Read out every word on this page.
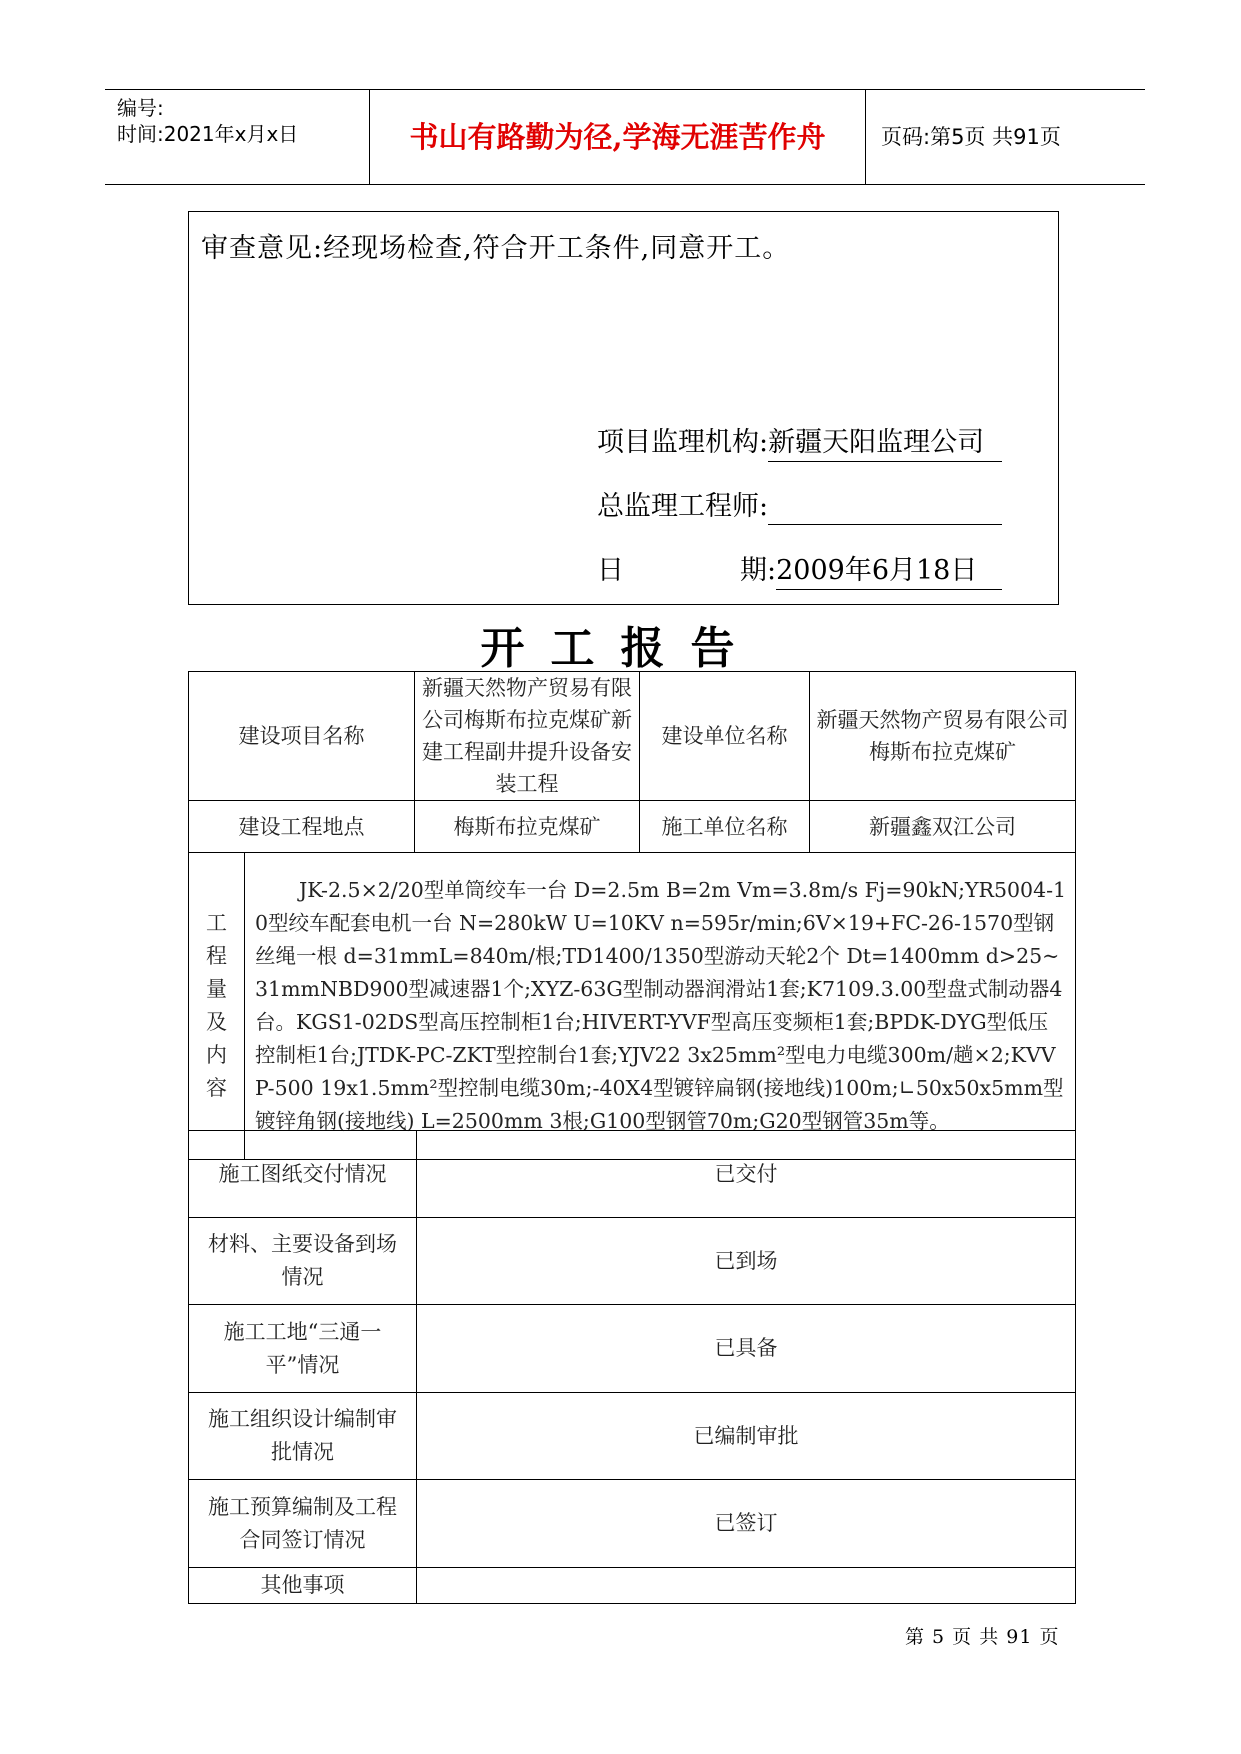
编号:
时间:2021年x月x日	书山有路勤为径,学海无涯苦作舟	页码:第5页 共91页
审查意见:经现场检查,符合开工条件,同意开工。
项目监理机构:新疆天阳监理公司
总监理工程师:
日	期:2009年6月18日
开工报告
建设项目名称		新疆天然物产贸易有限公司梅斯布拉克煤矿新建工程副井提升设备安装工程	建设单位名称	新疆天然物产贸易有限公司梅斯布拉克煤矿
建设工程地点		梅斯布拉克煤矿	施工单位名称	新疆鑫双江公司
工程量及内容	JK-2.5×2/20型单筒绞车一台 D=2.5m B=2m Vm=3.8m/s Fj=90kN;YR5004-10型绞车配套电机一台 N=280kW U=10KV n=595r/min;6V×19+FC-26-1570型钢丝绳一根 d=31mmL=840m/根;TD1400/1350型游动天轮2个 Dt=1400mm d>25~31mmNBD900型减速器1个;XYZ-63G型制动器润滑站1套;K7109.3.00型盘式制动器4台。KGS1-02DS型高压控制柜1台;HIVERT-YVF型高压变频柜1套;BPDK-DYG型低压控制柜1台;JTDK-PC-ZKT型控制台1套;YJV22 3x25mm²型电力电缆300m/趟×2;KVVP-500 19x1.5mm²型控制电缆30m;-40X4型镀锌扁钢(接地线)100m;∟50x50x5mm型镀锌角钢(接地线) L=2500mm 3根;G100型钢管70m;G20型钢管35m等。			
施工图纸交付情况	已交付
材料、主要设备到场情况	已到场
施工工地“三通一平”情况	已具备
施工组织设计编制审批情况	已编制审批
施工预算编制及工程合同签订情况	已签订
其他事项	
第 5 页 共 91 页
